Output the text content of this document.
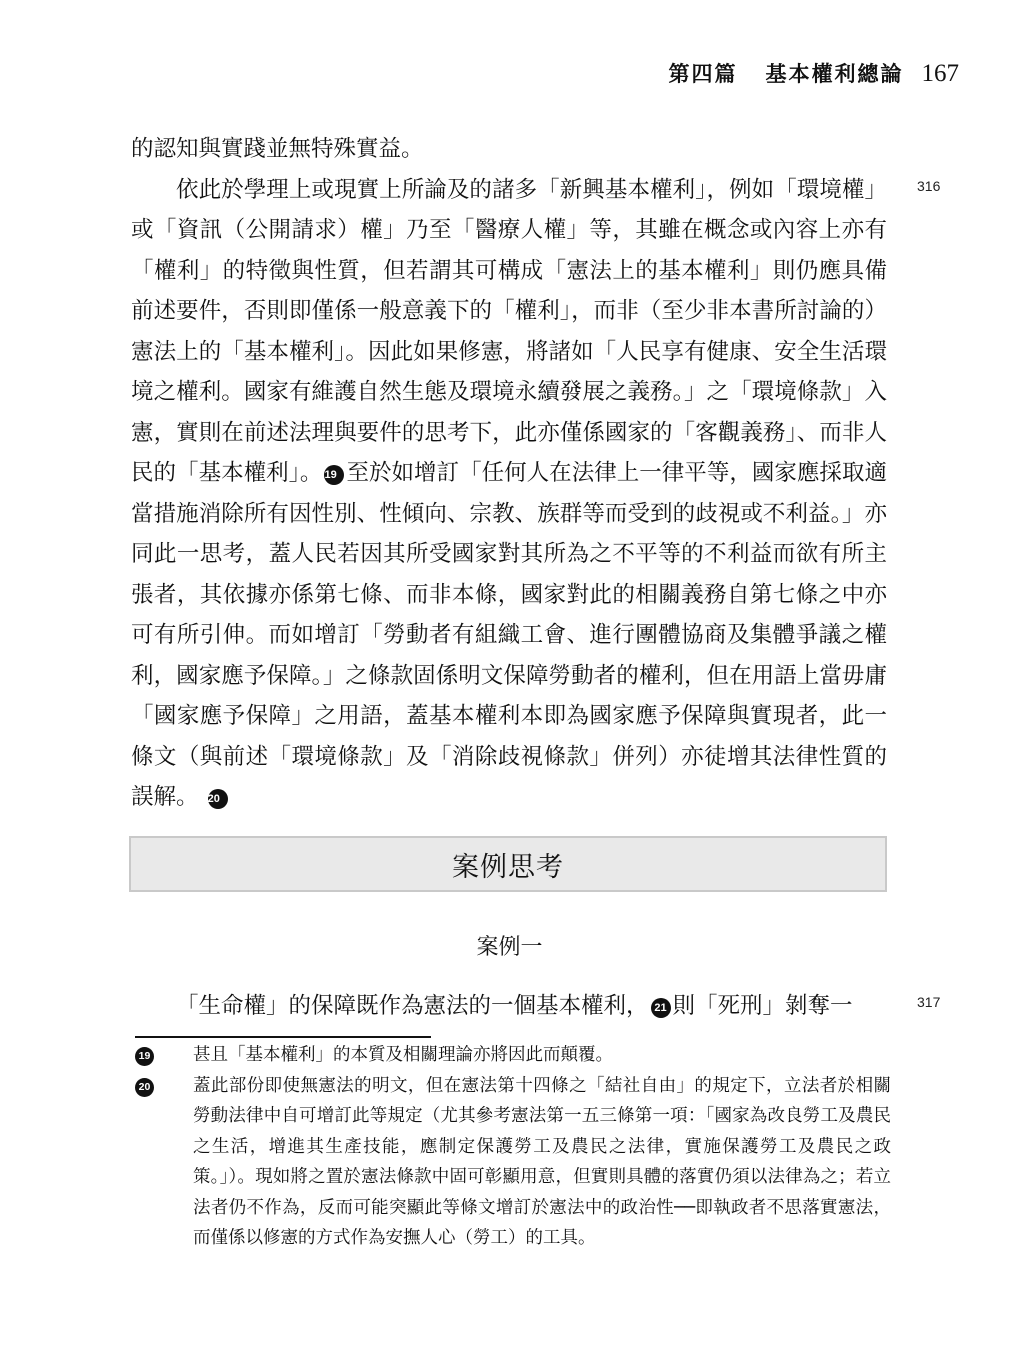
第四篇 基本權利總論 167

的認知與實踐並無特殊實益。

依此於學理上或現實上所論及的諸多「新興基本權利」，例如「環境權」或「資訊（公開請求）權」乃至「醫療人權」等，其雖在概念或內容上亦有「權利」的特徵與性質，但若謂其可構成「憲法上的基本權利」則仍應具備前述要件，否則即僅係一般意義下的「權利」，而非（至少非本書所討論的）憲法上的「基本權利」。因此如果修憲，將諸如「人民享有健康、安全生活環境之權利。國家有維護自然生態及環境永續發展之義務。」之「環境條款」入憲，實則在前述法理與要件的思考下，此亦僅係國家的「客觀義務」、而非人民的「基本權利」。 19 至於如增訂「任何人在法律上一律平等，國家應採取適當措施消除所有因性別、性傾向、宗教、族群等而受到的歧視或不利益。」亦同此一思考，蓋人民若因其所受國家對其所為之不平等的不利益而欲有所主張者，其依據亦係第七條、而非本條，國家對此的相關義務自第七條之中亦可有所引伸。而如增訂「勞動者有組織工會、進行團體協商及集體爭議之權利，國家應予保障。」之條款固係明文保障勞動者的權利，但在用語上當毋庸「國家應予保障」之用語，蓋基本權利本即為國家應予保障與實現者，此一條文（與前述「環境條款」及「消除歧視條款」併列）亦徒增其法律性質的誤解。 20

316
案例思考
案例一

「生命權」的保障既作為憲法的一個基本權利， 21 則「死刑」剝奪一	317
19	甚且「基本權利」的本質及相關理論亦將因此而顛覆。
20	蓋此部份即使無憲法的明文，但在憲法第十四條之「結社自由」的規定下，立法者於相關勞動法律中自可增訂此等規定（尤其參考憲法第一五三條第一項：「國家為改良勞工及農民之生活，增進其生產技能，應制定保護勞工及農民之法律，實施保護勞工及農民之政策。」）。現如將之置於憲法條款中固可彰顯用意，但實則具體的落實仍須以法律為之；若立法者仍不作為，反而可能突顯此等條文增訂於憲法中的政治性──即執政者不思落實憲法，而僅係以修憲的方式作為安撫人心（勞工）的工具。
